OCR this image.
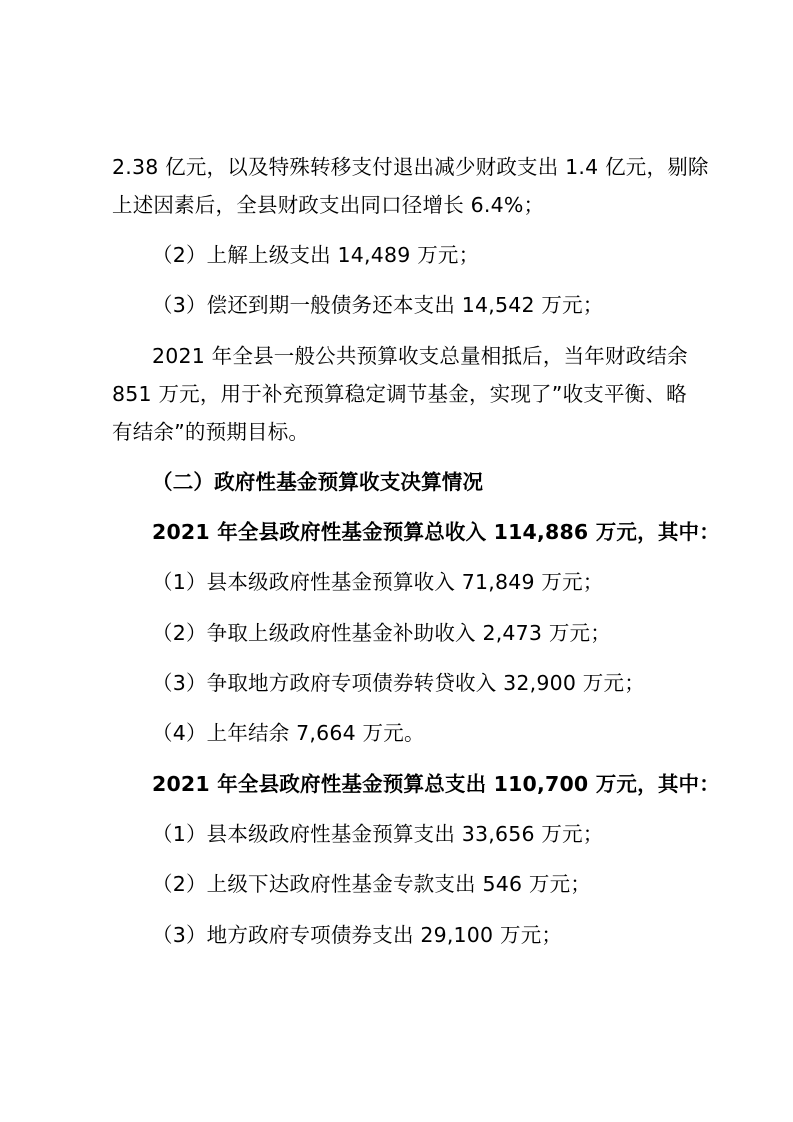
2.38 亿元，以及特殊转移支付退出减少财政支出 1.4 亿元，剔除
上述因素后，全县财政支出同口径增长 6.4%；
（2）上解上级支出 14,489 万元；
（3）偿还到期一般债务还本支出 14,542 万元；
2021 年全县一般公共预算收支总量相抵后，当年财政结余
851 万元，用于补充预算稳定调节基金，实现了”收支平衡、略
有结余”的预期目标。
（二）政府性基金预算收支决算情况
2021 年全县政府性基金预算总收入 114,886 万元，其中：
（1）县本级政府性基金预算收入 71,849 万元；
（2）争取上级政府性基金补助收入 2,473 万元；
（3）争取地方政府专项债券转贷收入 32,900 万元；
（4）上年结余 7,664 万元。
2021 年全县政府性基金预算总支出 110,700 万元，其中：
（1）县本级政府性基金预算支出 33,656 万元；
（2）上级下达政府性基金专款支出 546 万元；
（3）地方政府专项债券支出 29,100 万元；
